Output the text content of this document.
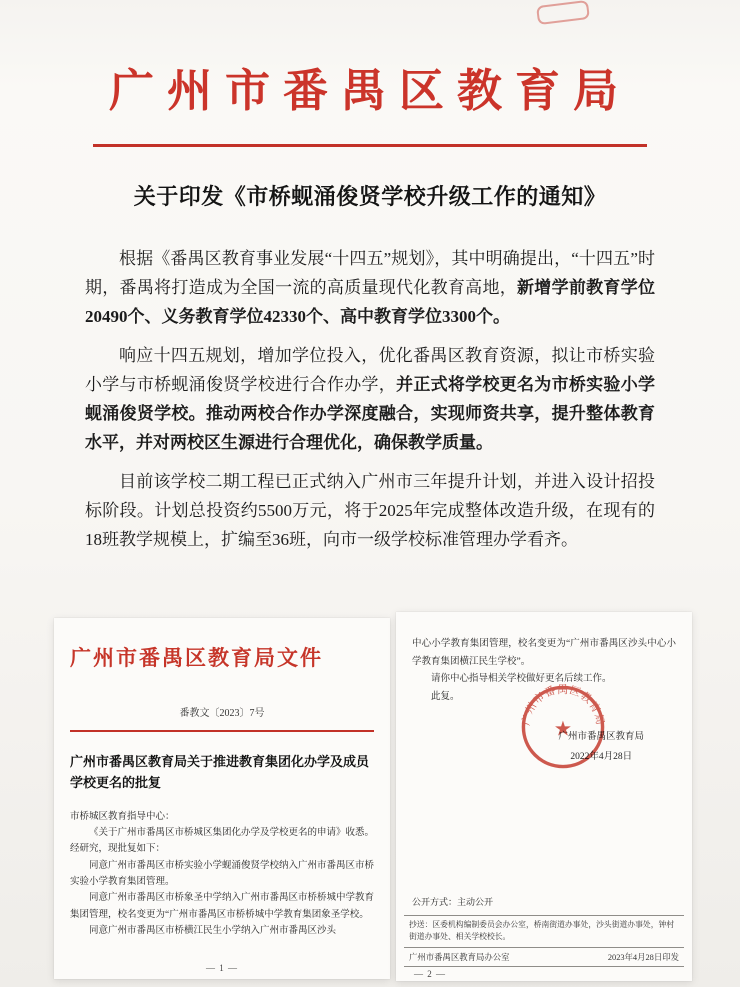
广州市番禺区教育局
关于印发《市桥蚬涌俊贤学校升级工作的通知》

根据《番禺区教育事业发展“十四五”规划》，其中明确提出，“十四五”时期，番禺将打造成为全国一流的高质量现代化教育高地，新增学前教育学位20490个、义务教育学位42330个、高中教育学位3300个。

响应十四五规划，增加学位投入，优化番禺区教育资源，拟让市桥实验小学与市桥蚬涌俊贤学校进行合作办学，并正式将学校更名为市桥实验小学蚬涌俊贤学校。推动两校合作办学深度融合，实现师资共享，提升整体教育水平，并对两校区生源进行合理优化，确保教学质量。

目前该学校二期工程已正式纳入广州市三年提升计划，并进入设计招投标阶段。计划总投资约5500万元，将于2025年完成整体改造升级，在现有的18班教学规模上，扩编至36班，向市一级学校标准管理办学看齐。

广州市番禺区教育局文件
番教文〔2023〕7号
广州市番禺区教育局关于推进教育集团化办学及成员学校更名的批复
市桥城区教育指导中心：

《关于广州市番禺区市桥城区集团化办学及学校更名的申请》收悉。经研究，现批复如下：

同意广州市番禺区市桥实验小学蚬涌俊贤学校纳入广州市番禺区市桥实验小学教育集团管理。

同意广州市番禺区市桥象圣中学纳入广州市番禺区市桥桥城中学教育集团管理，校名变更为“广州市番禺区市桥桥城中学教育集团象圣学校。

同意广州市番禺区市桥横江民生小学纳入广州市番禺区沙头

— 1 —

中心小学教育集团管理，校名变更为“广州市番禺区沙头中心小学教育集团横江民生学校”。

请你中心指导相关学校做好更名后续工作。

此复。

广州市番禺区教育局
2022年4月28日
广州市番禺区教育局
★
公开方式：主动公开
抄送：区委机构编制委员会办公室，桥南街道办事处，沙头街道办事处，钟村街道办事处、相关学校校长。
广州市番禺区教育局办公室	2023年4月28日印发
— 2 —
